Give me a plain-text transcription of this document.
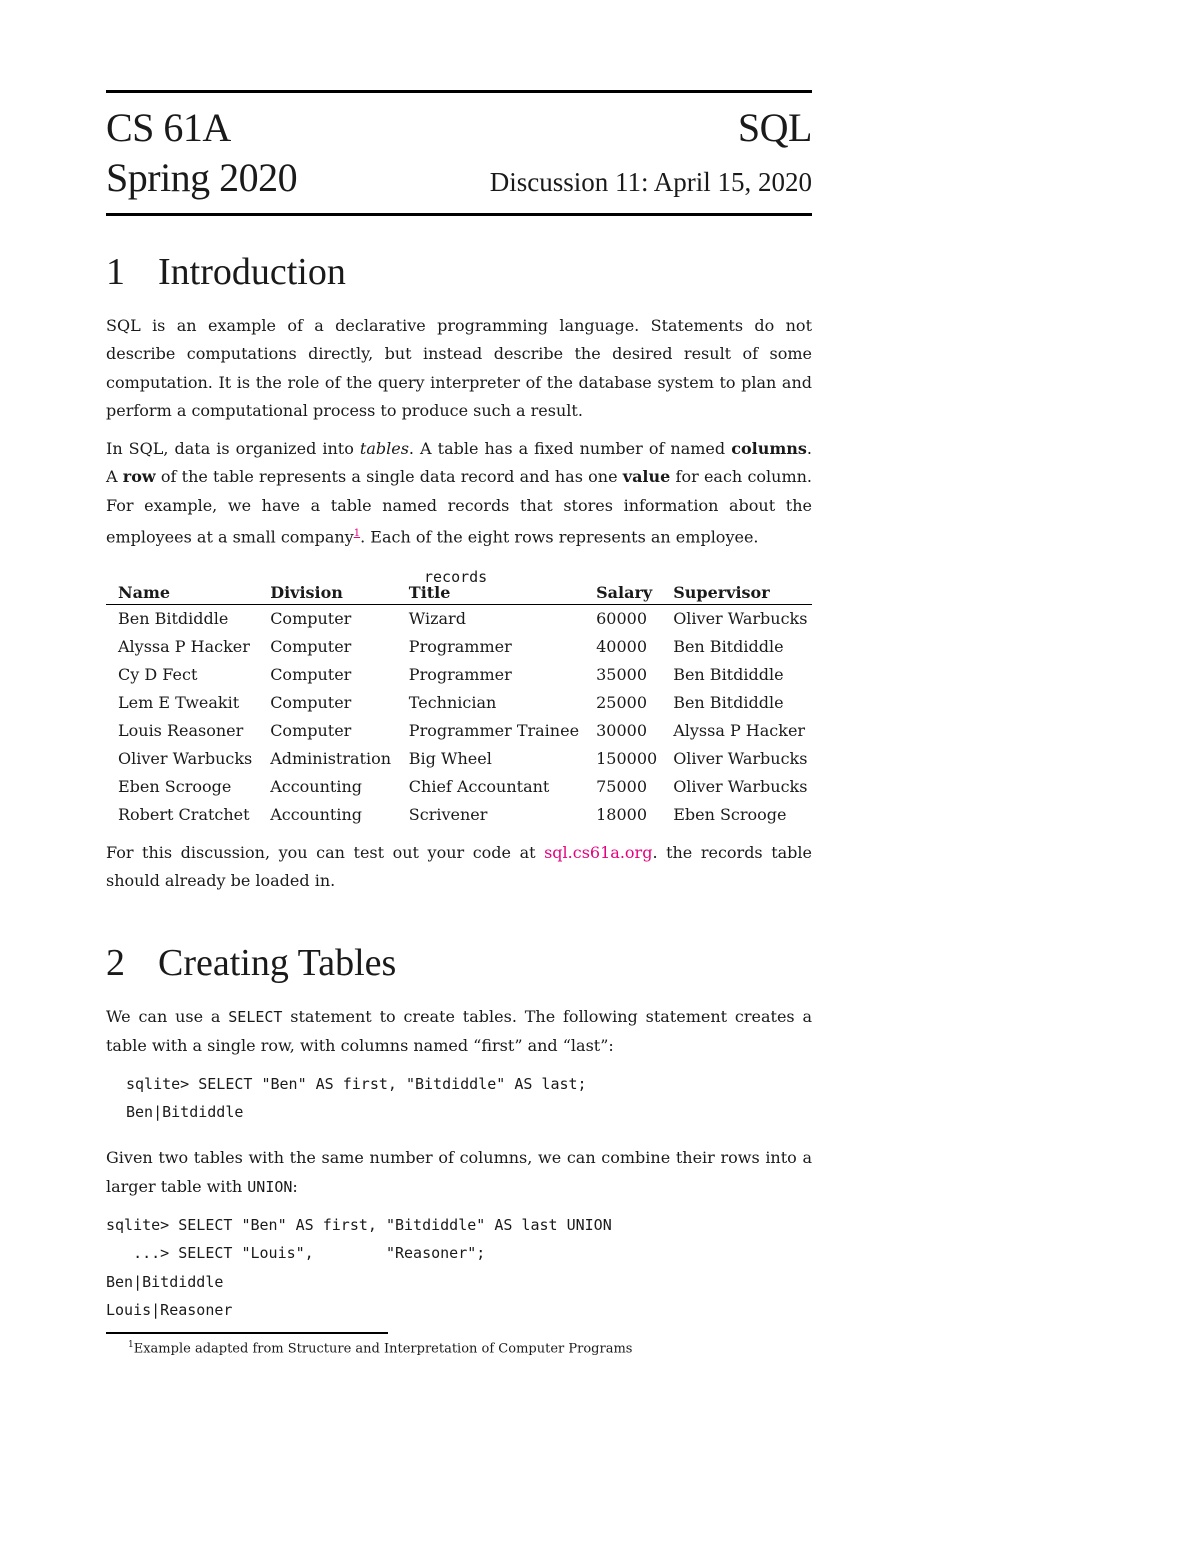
CS 61A	SQL
Spring 2020	Discussion 11: April 15, 2020
1 Introduction

SQL is an example of a declarative programming language. Statements do not describe computations directly, but instead describe the desired result of some computation. It is the role of the query interpreter of the database system to plan and perform a computational process to produce such a result.

In SQL, data is organized into tables. A table has a fixed number of named columns. A row of the table represents a single data record and has one value for each column. For example, we have a table named records that stores information about the employees at a small company$^1$. Each of the eight rows represents an employee.

records
Name	Division	Title	Salary	Supervisor
Ben Bitdiddle	Computer	Wizard	60000	Oliver Warbucks
Alyssa P Hacker	Computer	Programmer	40000	Ben Bitdiddle
Cy D Fect	Computer	Programmer	35000	Ben Bitdiddle
Lem E Tweakit	Computer	Technician	25000	Ben Bitdiddle
Louis Reasoner	Computer	Programmer Trainee	30000	Alyssa P Hacker
Oliver Warbucks	Administration	Big Wheel	150000	Oliver Warbucks
Eben Scrooge	Accounting	Chief Accountant	75000	Oliver Warbucks
Robert Cratchet	Accounting	Scrivener	18000	Eben Scrooge

For this discussion, you can test out your code at sql.cs61a.org. the records table should already be loaded in.

2 Creating Tables

We can use a SELECT statement to create tables. The following statement creates a table with a single row, with columns named “first” and “last”:

sqlite> SELECT "Ben" AS first, "Bitdiddle" AS last;
Ben|Bitdiddle

Given two tables with the same number of columns, we can combine their rows into a larger table with UNION:

sqlite> SELECT "Ben" AS first, "Bitdiddle" AS last UNION
...> SELECT "Louis",        "Reasoner";
Ben|Bitdiddle
Louis|Reasoner
$^1$Example adapted from Structure and Interpretation of Computer Programs
